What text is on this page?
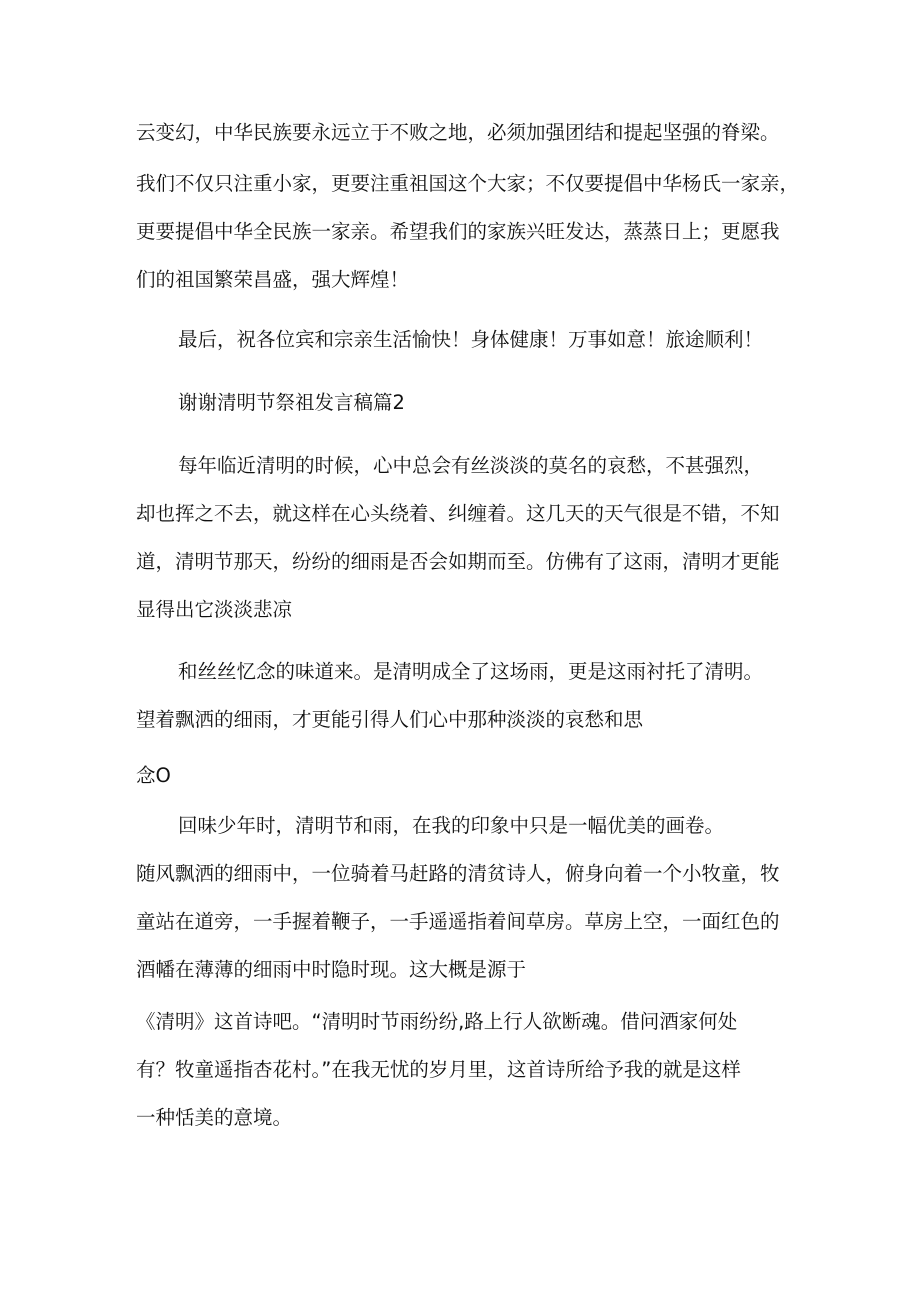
云变幻，中华民族要永远立于不败之地，必须加强团结和提起坚强的脊梁。

我们不仅只注重小家，更要注重祖国这个大家；不仅要提倡中华杨氏一家亲，

更要提倡中华全民族一家亲。希望我们的家族兴旺发达，蒸蒸日上；更愿我

们的祖国繁荣昌盛，强大辉煌！

最后，祝各位宾和宗亲生活愉快！身体健康！万事如意！旅途顺利！

谢谢清明节祭祖发言稿篇2

每年临近清明的时候，心中总会有丝淡淡的莫名的哀愁，不甚强烈，

却也挥之不去，就这样在心头绕着、纠缠着。这几天的天气很是不错，不知

道，清明节那天，纷纷的细雨是否会如期而至。仿佛有了这雨，清明才更能

显得出它淡淡悲凉

和丝丝忆念的味道来。是清明成全了这场雨，更是这雨衬托了清明。

望着飘洒的细雨，才更能引得人们心中那种淡淡的哀愁和思

念O

回味少年时，清明节和雨，在我的印象中只是一幅优美的画卷。

随风飘洒的细雨中，一位骑着马赶路的清贫诗人，俯身向着一个小牧童，牧

童站在道旁，一手握着鞭子，一手遥遥指着间草房。草房上空，一面红色的

酒幡在薄薄的细雨中时隐时现。这大概是源于

《清明》这首诗吧。“清明时节雨纷纷,路上行人欲断魂。借问酒家何处

有？牧童遥指杏花村。”在我无忧的岁月里，这首诗所给予我的就是这样

一种恬美的意境。
